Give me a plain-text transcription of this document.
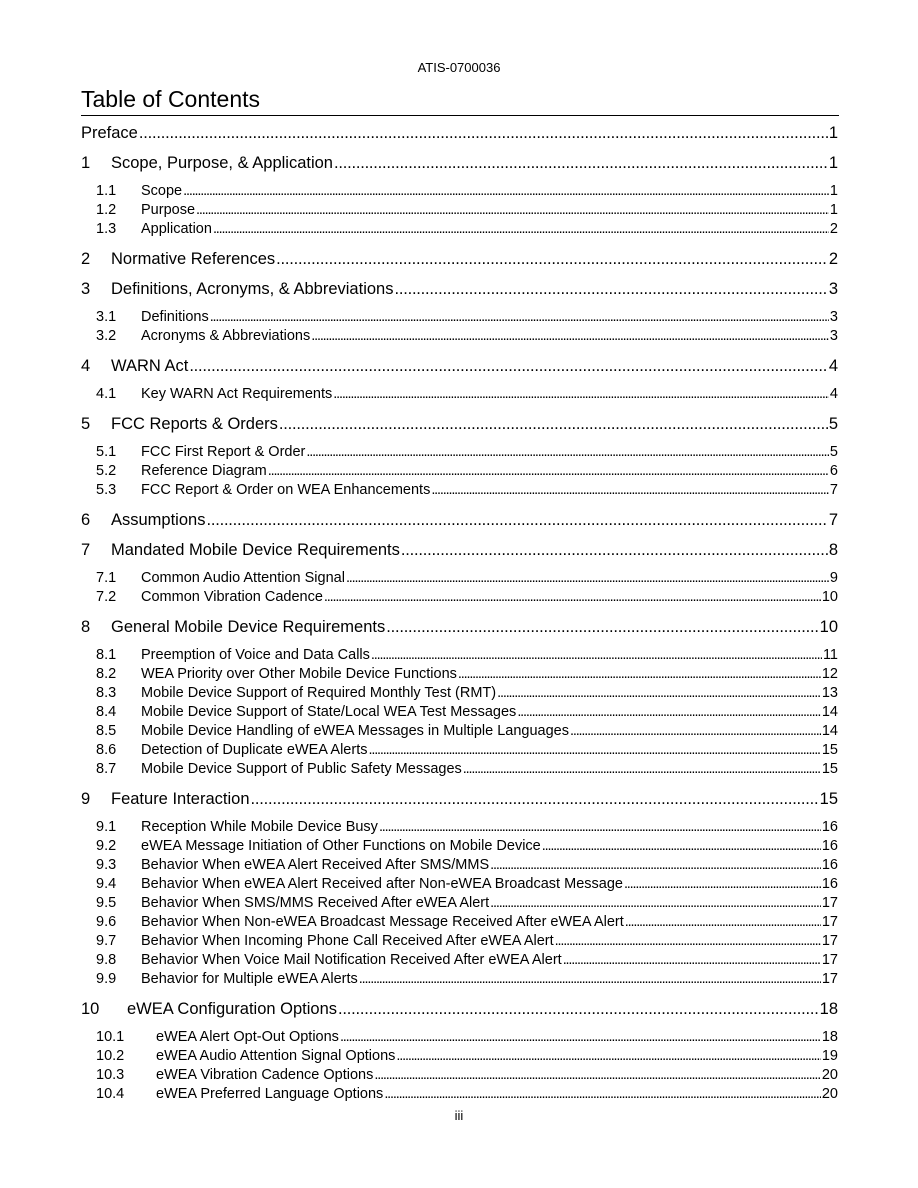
ATIS-0700036
Table of Contents
Preface . . .	1
1	Scope, Purpose, & Application . . .	1
1.1	Scope . . .	1
1.2	Purpose . . .	1
1.3	Application . . .	2
2	Normative References . . .	2
3	Definitions, Acronyms, & Abbreviations . . .	3
3.1	Definitions . . .	3
3.2	Acronyms & Abbreviations . . .	3
4	WARN Act . . .	4
4.1	Key WARN Act Requirements . . .	4
5	FCC Reports & Orders . . .	5
5.1	FCC First Report & Order . . .	5
5.2	Reference Diagram . . .	6
5.3	FCC Report & Order on WEA Enhancements . . .	7
6	Assumptions . . .	7
7	Mandated Mobile Device Requirements . . .	8
7.1	Common Audio Attention Signal . . .	9
7.2	Common Vibration Cadence . . .	10
8	General Mobile Device Requirements . . .	10
8.1	Preemption of Voice and Data Calls . . .	11
8.2	WEA Priority over Other Mobile Device Functions . . .	12
8.3	Mobile Device Support of Required Monthly Test (RMT) . . .	13
8.4	Mobile Device Support of State/Local WEA Test Messages . . .	14
8.5	Mobile Device Handling of eWEA Messages in Multiple Languages . . .	14
8.6	Detection of Duplicate eWEA Alerts . . .	15
8.7	Mobile Device Support of Public Safety Messages . . .	15
9	Feature Interaction . . .	15
9.1	Reception While Mobile Device Busy . . .	16
9.2	eWEA Message Initiation of Other Functions on Mobile Device . . .	16
9.3	Behavior When eWEA Alert Received After SMS/MMS . . .	16
9.4	Behavior When eWEA Alert Received after Non-eWEA Broadcast Message . . .	16
9.5	Behavior When SMS/MMS Received After eWEA Alert . . .	17
9.6	Behavior When Non-eWEA Broadcast Message Received After eWEA Alert . . .	17
9.7	Behavior When Incoming Phone Call Received After eWEA Alert . . .	17
9.8	Behavior When Voice Mail Notification Received After eWEA Alert . . .	17
9.9	Behavior for Multiple eWEA Alerts . . .	17
10	eWEA Configuration Options . . .	18
10.1	eWEA Alert Opt-Out Options . . .	18
10.2	eWEA Audio Attention Signal Options . . .	19
10.3	eWEA Vibration Cadence Options . . .	20
10.4	eWEA Preferred Language Options . . .	20
iii
